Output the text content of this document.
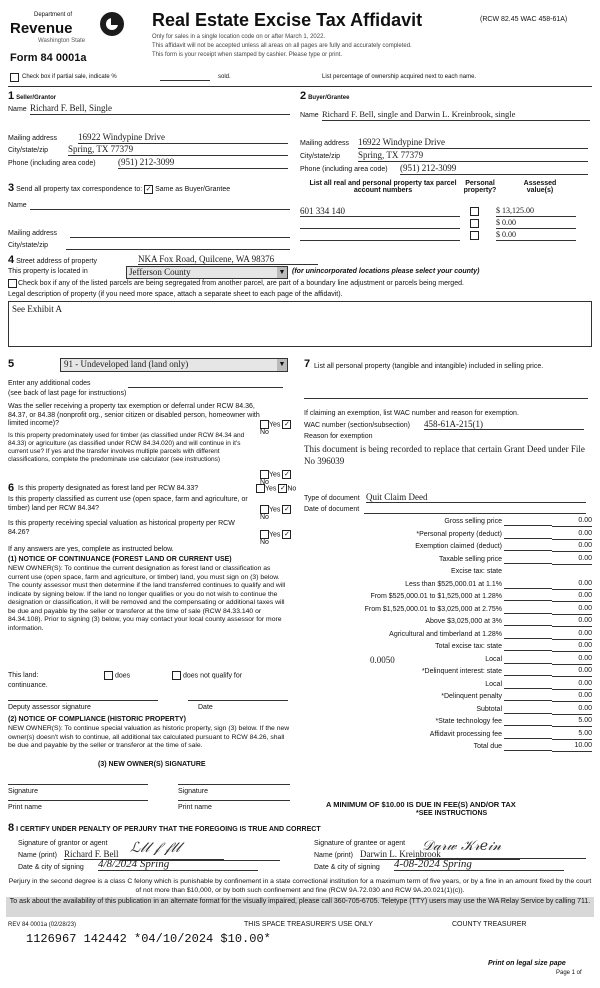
Department of
Revenue
Washington State
Form 84 0001a
Real Estate Excise Tax Affidavit	(RCW 82.45 WAC 458-61A)
Only for sales in a single location code on or after March 1, 2022.
This affidavit will not be accepted unless all areas on all pages are fully and accurately completed.
This form is your receipt when stamped by cashier. Please type or print.
Check box if partial sale, indicate %	sold.	List percentage of ownership acquired next to each name.
1 Seller/Grantor
Name Richard F. Bell, Single
Mailing address 16922 Windypine Drive
City/state/zip Spring, TX 77379
Phone (including area code) (951) 212-3099
2 Buyer/Grantee
Name Richard F. Bell, single and Darwin L. Kreinbrook, single
Mailing address 16922 Windypine Drive
City/state/zip Spring, TX 77379
Phone (including area code) (951) 212-3099
3 Send all property tax correspondence to: ✓ Same as Buyer/Grantee
Name
Mailing address
City/state/zip
List all real and personal property tax parcel account numbers
Personal property?
Assessed value(s)
601 334 140	$ 13,125.00
$ 0.00
$ 0.00
4 Street address of property	NKA Fox Road, Quilcene, WA 98376
This property is located in	Jefferson County	▼ (for unincorporated locations please select your county)
Check box if any of the listed parcels are being segregated from another parcel, are part of a boundary line adjustment or parcels being merged.
Legal description of property (if you need more space, attach a separate sheet to each page of the affidavit).
See Exhibit A
5	91 - Undeveloped land (land only)	▼
Enter any additional codes
(see back of last page for instructions)
Was the seller receiving a property tax exemption or deferral under RCW 84.36, 84.37, or 84.38 (nonprofit org., senior citizen or disabled person, homeowner with limited income)?	Yes ✓No
Is this property predominately used for timber (as classified under RCW 84.34 and 84.33) or agriculture (as classified under RCW 84.34.020) and will continue in it's current use? If yes and the transfer involves multiple parcels with different classifications, complete the predominate use calculator (see instructions)
Yes ✓No
6 Is this property designated as forest land per RCW 84.33?	Yes ✓ No
Is this property classified as current use (open space, farm and agriculture, or timber) land per RCW 84.34?	Yes ✓No
Is this property receiving special valuation as historical property per RCW 84.26?	Yes ✓No
If any answers are yes, complete as instructed below.
(1) NOTICE OF CONTINUANCE (FOREST LAND OR CURRENT USE)
NEW OWNER(S): To continue the current designation as forest land or classification as current use (open space, farm and agriculture, or timber) land, you must sign on (3) below. The county assessor must then determine if the land transferred continues to qualify and will indicate by signing below. If the land no longer qualifies or you do not wish to continue the designation or classification, it will be removed and the compensating or additional taxes will be due and payable by the seller or transferor at the time of sale (RCW 84.33.140 or 84.34.108). Prior to signing (3) below, you may contact your local county assessor for more information.
This land:	does	does not qualify for
continuance.
Deputy assessor signature	Date
(2) NOTICE OF COMPLIANCE (HISTORIC PROPERTY)
NEW OWNER(S): To continue special valuation as historic property, sign (3) below. If the new owner(s) doesn't wish to continue, all additional tax calculated pursuant to RCW 84.26, shall be due and payable by the seller or transferor at the time of sale.
(3) NEW OWNER(S) SIGNATURE
Signature	Signature
Print name	Print name
7 List all personal property (tangible and intangible) included in selling price.
If claiming an exemption, list WAC number and reason for exemption.
WAC number (section/subsection) 458-61A-215(1)
Reason for exemption
This document is being recorded to replace that certain Grant Deed under File No 396039
Type of document Quit Claim Deed
Date of document
Gross selling price	0.00
*Personal property (deduct)	0.00
Exemption claimed (deduct)	0.00
Taxable selling price	0.00
Excise tax: state
Less than $525,000.01 at 1.1%	0.00
From $525,000.01 to $1,525,000 at 1.28%	0.00
From $1,525,000.01 to $3,025,000 at 2.75%	0.00
Above $3,025,000 at 3%	0.00
Agricultural and timberland at 1.28%	0.00
Total excise tax: state	0.00
0.0050	Local	0.00
*Delinquent interest: state	0.00
Local	0.00
*Delinquent penalty	0.00
Subtotal	0.00
*State technology fee	5.00
Affidavit processing fee	5.00
Total due	10.00
A MINIMUM OF $10.00 IS DUE IN FEE(S) AND/OR TAX
*SEE INSTRUCTIONS
8 I CERTIFY UNDER PENALTY OF PERJURY THAT THE FOREGOING IS TRUE AND CORRECT
Signature of grantor or agent ℒ𝓁𝓁 𝒻 𝒻𝓁𝓁
Name (print) Richard F. Bell
Date & city of signing 4/8/2024 Spring
Signature of grantee or agent 𝒟𝒶𝓇𝓌 𝒦𝓇𝑒𝒾𝓃
Name (print) Darwin L. Kreinbrook
Date & city of signing 4-08-2024 Spring
Perjury in the second degree is a class C felony which is punishable by confinement in a state correctional institution for a maximum term of five years, or by a fine in an amount fixed by the court of not more than $10,000, or by both such confinement and fine (RCW 9A.72.030 and RCW 9A.20.021(1)(c)).
To ask about the availability of this publication in an alternate format for the visually impaired, please call 360-705-6705. Teletype (TTY) users may use the WA Relay Service by calling 711.
REV 84 0001a (02/28/23)	THIS SPACE TREASURER'S USE ONLY	COUNTY TREASURER
1126967 142442 *04/10/2024 $10.00*
Print on legal size pape
Page 1 of
